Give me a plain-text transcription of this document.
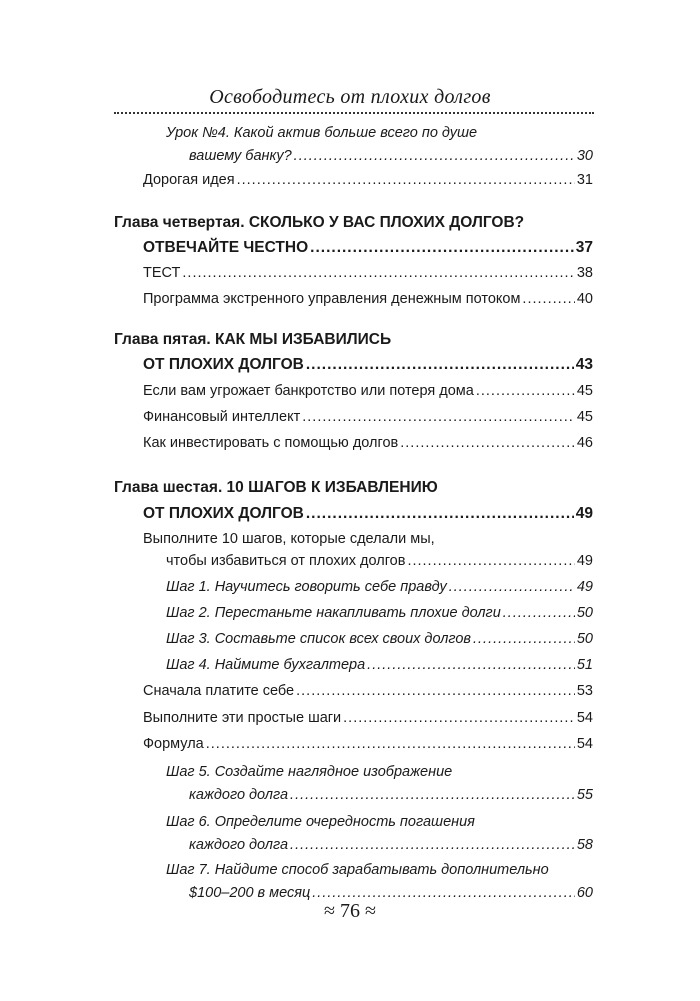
Освободитесь от плохих долгов
Урок №4. Какой актив больше всего по душе
вашему банку? .....	30
Дорогая идея .....	31
Глава четвертая. СКОЛЬКО У ВАС ПЛОХИХ ДОЛГОВ?
ОТВЕЧАЙТЕ ЧЕСТНО .....	37
ТЕСТ .....	38
Программа экстренного управления денежным потоком .....	40
Глава пятая. КАК МЫ ИЗБАВИЛИСЬ
ОТ ПЛОХИХ ДОЛГОВ .....	43
Если вам угрожает банкротство или потеря дома .....	45
Финансовый интеллект .....	45
Как инвестировать с помощью долгов .....	46
Глава шестая. 10 ШАГОВ К ИЗБАВЛЕНИЮ
ОТ ПЛОХИХ ДОЛГОВ .....	49
Выполните 10 шагов, которые сделали мы,
чтобы избавиться от плохих долгов .....	49
Шаг 1. Научитесь говорить себе правду .....	49
Шаг 2. Перестаньте накапливать плохие долги .....	50
Шаг 3. Составьте список всех своих долгов .....	50
Шаг 4. Наймите бухгалтера .....	51
Сначала платите себе .....	53
Выполните эти простые шаги .....	54
Формула .....	54
Шаг 5. Создайте наглядное изображение
каждого долга .....	55
Шаг 6. Определите очередность погашения
каждого долга .....	58
Шаг 7. Найдите способ зарабатывать дополнительно
$100–200 в месяц .....	60
≈ 76 ≈
